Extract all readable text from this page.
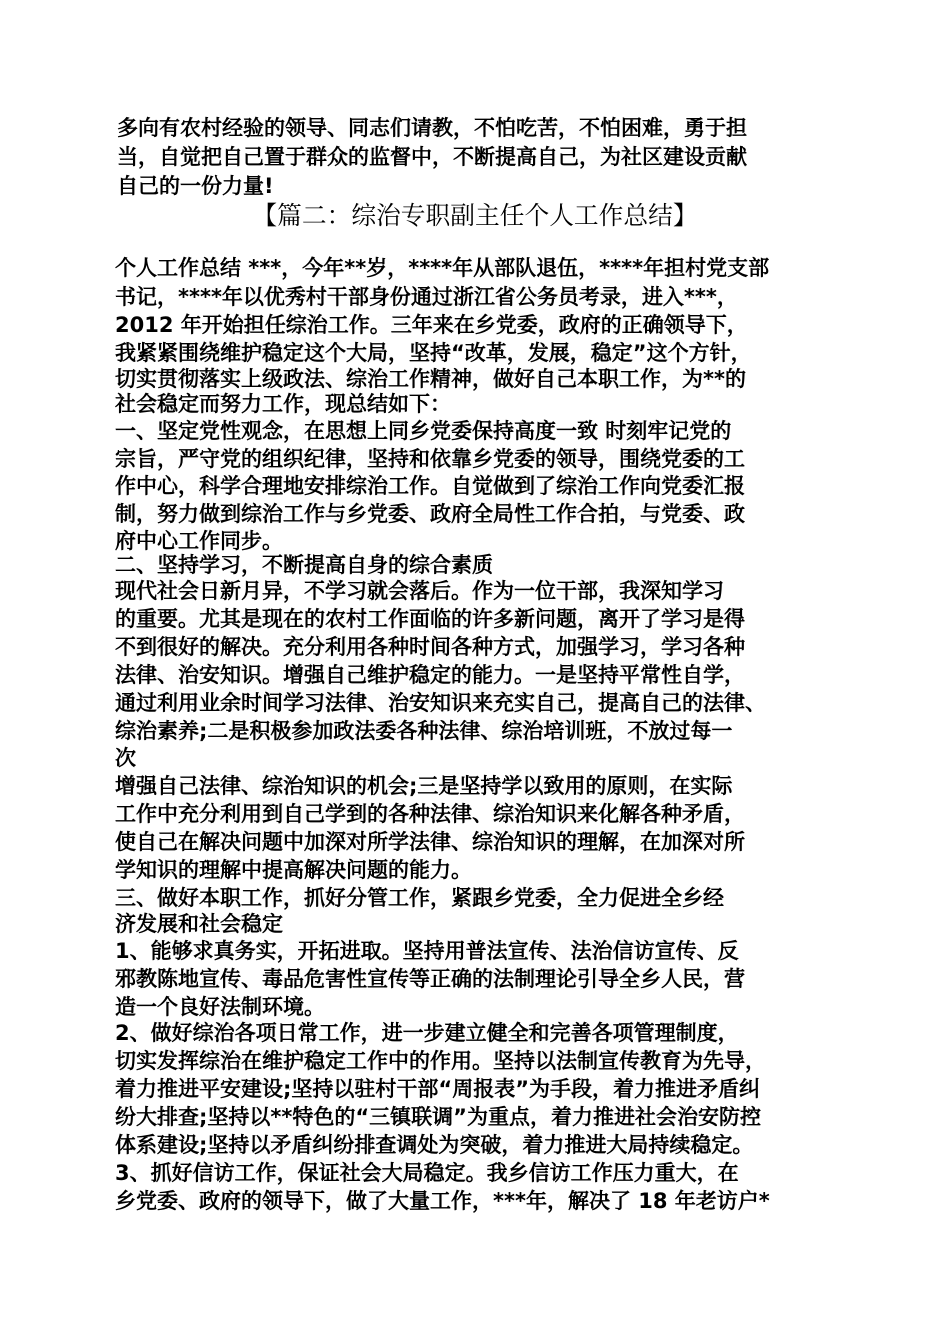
多向有农村经验的领导、同志们请教，不怕吃苦，不怕困难，勇于担
当，自觉把自己置于群众的监督中，不断提高自己，为社区建设贡献
自己的一份力量!
【篇二：综治专职副主任个人工作总结】
个人工作总结 ***，今年**岁，****年从部队退伍，****年担村党支部
书记，****年以优秀村干部身份通过浙江省公务员考录，进入***，
2012 年开始担任综治工作。三年来在乡党委，政府的正确领导下，
我紧紧围绕维护稳定这个大局，坚持“改革，发展，稳定”这个方针，
切实贯彻落实上级政法、综治工作精神，做好自己本职工作，为**的
社会稳定而努力工作，现总结如下：
一、坚定党性观念，在思想上同乡党委保持高度一致 时刻牢记党的
宗旨，严守党的组织纪律，坚持和依靠乡党委的领导，围绕党委的工
作中心，科学合理地安排综治工作。自觉做到了综治工作向党委汇报
制，努力做到综治工作与乡党委、政府全局性工作合拍，与党委、政
府中心工作同步。
二、坚持学习，不断提高自身的综合素质
现代社会日新月异，不学习就会落后。作为一位干部，我深知学习
的重要。尤其是现在的农村工作面临的许多新问题，离开了学习是得
不到很好的解决。充分利用各种时间各种方式，加强学习，学习各种
法律、治安知识。增强自己维护稳定的能力。一是坚持平常性自学，
通过利用业余时间学习法律、治安知识来充实自己，提高自己的法律、
综治素养;二是积极参加政法委各种法律、综治培训班，不放过每一
次
增强自己法律、综治知识的机会;三是坚持学以致用的原则，在实际
工作中充分利用到自己学到的各种法律、综治知识来化解各种矛盾，
使自己在解决问题中加深对所学法律、综治知识的理解，在加深对所
学知识的理解中提高解决问题的能力。
三、做好本职工作，抓好分管工作，紧跟乡党委，全力促进全乡经
济发展和社会稳定
1、能够求真务实，开拓进取。坚持用普法宣传、法治信访宣传、反
邪教陈地宣传、毒品危害性宣传等正确的法制理论引导全乡人民，营
造一个良好法制环境。
2、做好综治各项日常工作，进一步建立健全和完善各项管理制度，
切实发挥综治在维护稳定工作中的作用。坚持以法制宣传教育为先导，
着力推进平安建设;坚持以驻村干部“周报表”为手段，着力推进矛盾纠
纷大排查;坚持以**特色的“三镇联调”为重点，着力推进社会治安防控
体系建设;坚持以矛盾纠纷排查调处为突破，着力推进大局持续稳定。
3、抓好信访工作，保证社会大局稳定。我乡信访工作压力重大，在
乡党委、政府的领导下，做了大量工作，***年，解决了 18 年老访户*
